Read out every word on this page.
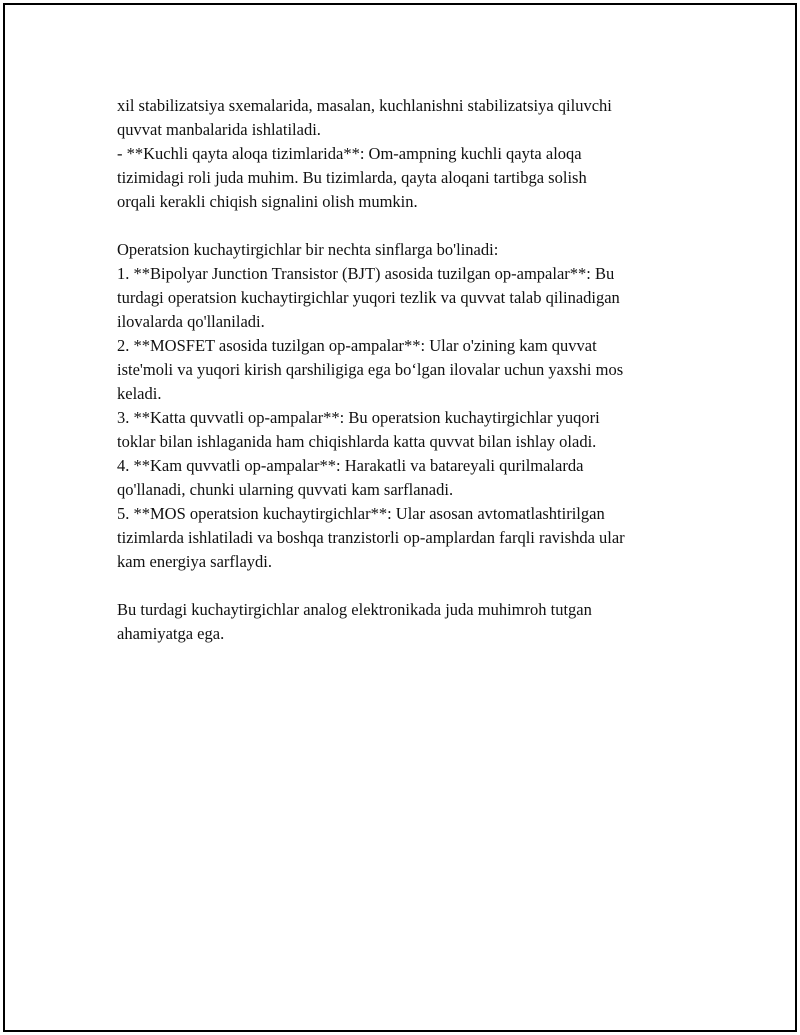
xil stabilizatsiya sxemalarida, masalan, kuchlanishni stabilizatsiya qiluvchi
quvvat manbalarida ishlatiladi.
- **Kuchli qayta aloqa tizimlarida**: Om-ampning kuchli qayta aloqa
tizimidagi roli juda muhim. Bu tizimlarda, qayta aloqani tartibga solish
orqali kerakli chiqish signalini olish mumkin.
Operatsion kuchaytirgichlar bir nechta sinflarga bo'linadi:
1. **Bipolyar Junction Transistor (BJT) asosida tuzilgan op-ampalar**: Bu
turdagi operatsion kuchaytirgichlar yuqori tezlik va quvvat talab qilinadigan
ilovalarda qo'llaniladi.
2. **MOSFET asosida tuzilgan op-ampalar**: Ular o'zining kam quvvat
iste'moli va yuqori kirish qarshiligiga ega bo‘lgan ilovalar uchun yaxshi mos
keladi.
3. **Katta quvvatli op-ampalar**: Bu operatsion kuchaytirgichlar yuqori
toklar bilan ishlaganida ham chiqishlarda katta quvvat bilan ishlay oladi.
4. **Kam quvvatli op-ampalar**: Harakatli va batareyali qurilmalarda
qo'llanadi, chunki ularning quvvati kam sarflanadi.
5. **MOS operatsion kuchaytirgichlar**: Ular asosan avtomatlashtirilgan
tizimlarda ishlatiladi va boshqa tranzistorli op-amplardan farqli ravishda ular
kam energiya sarflaydi.
Bu turdagi kuchaytirgichlar analog elektronikada juda muhimroh tutgan
ahamiyatga ega.
